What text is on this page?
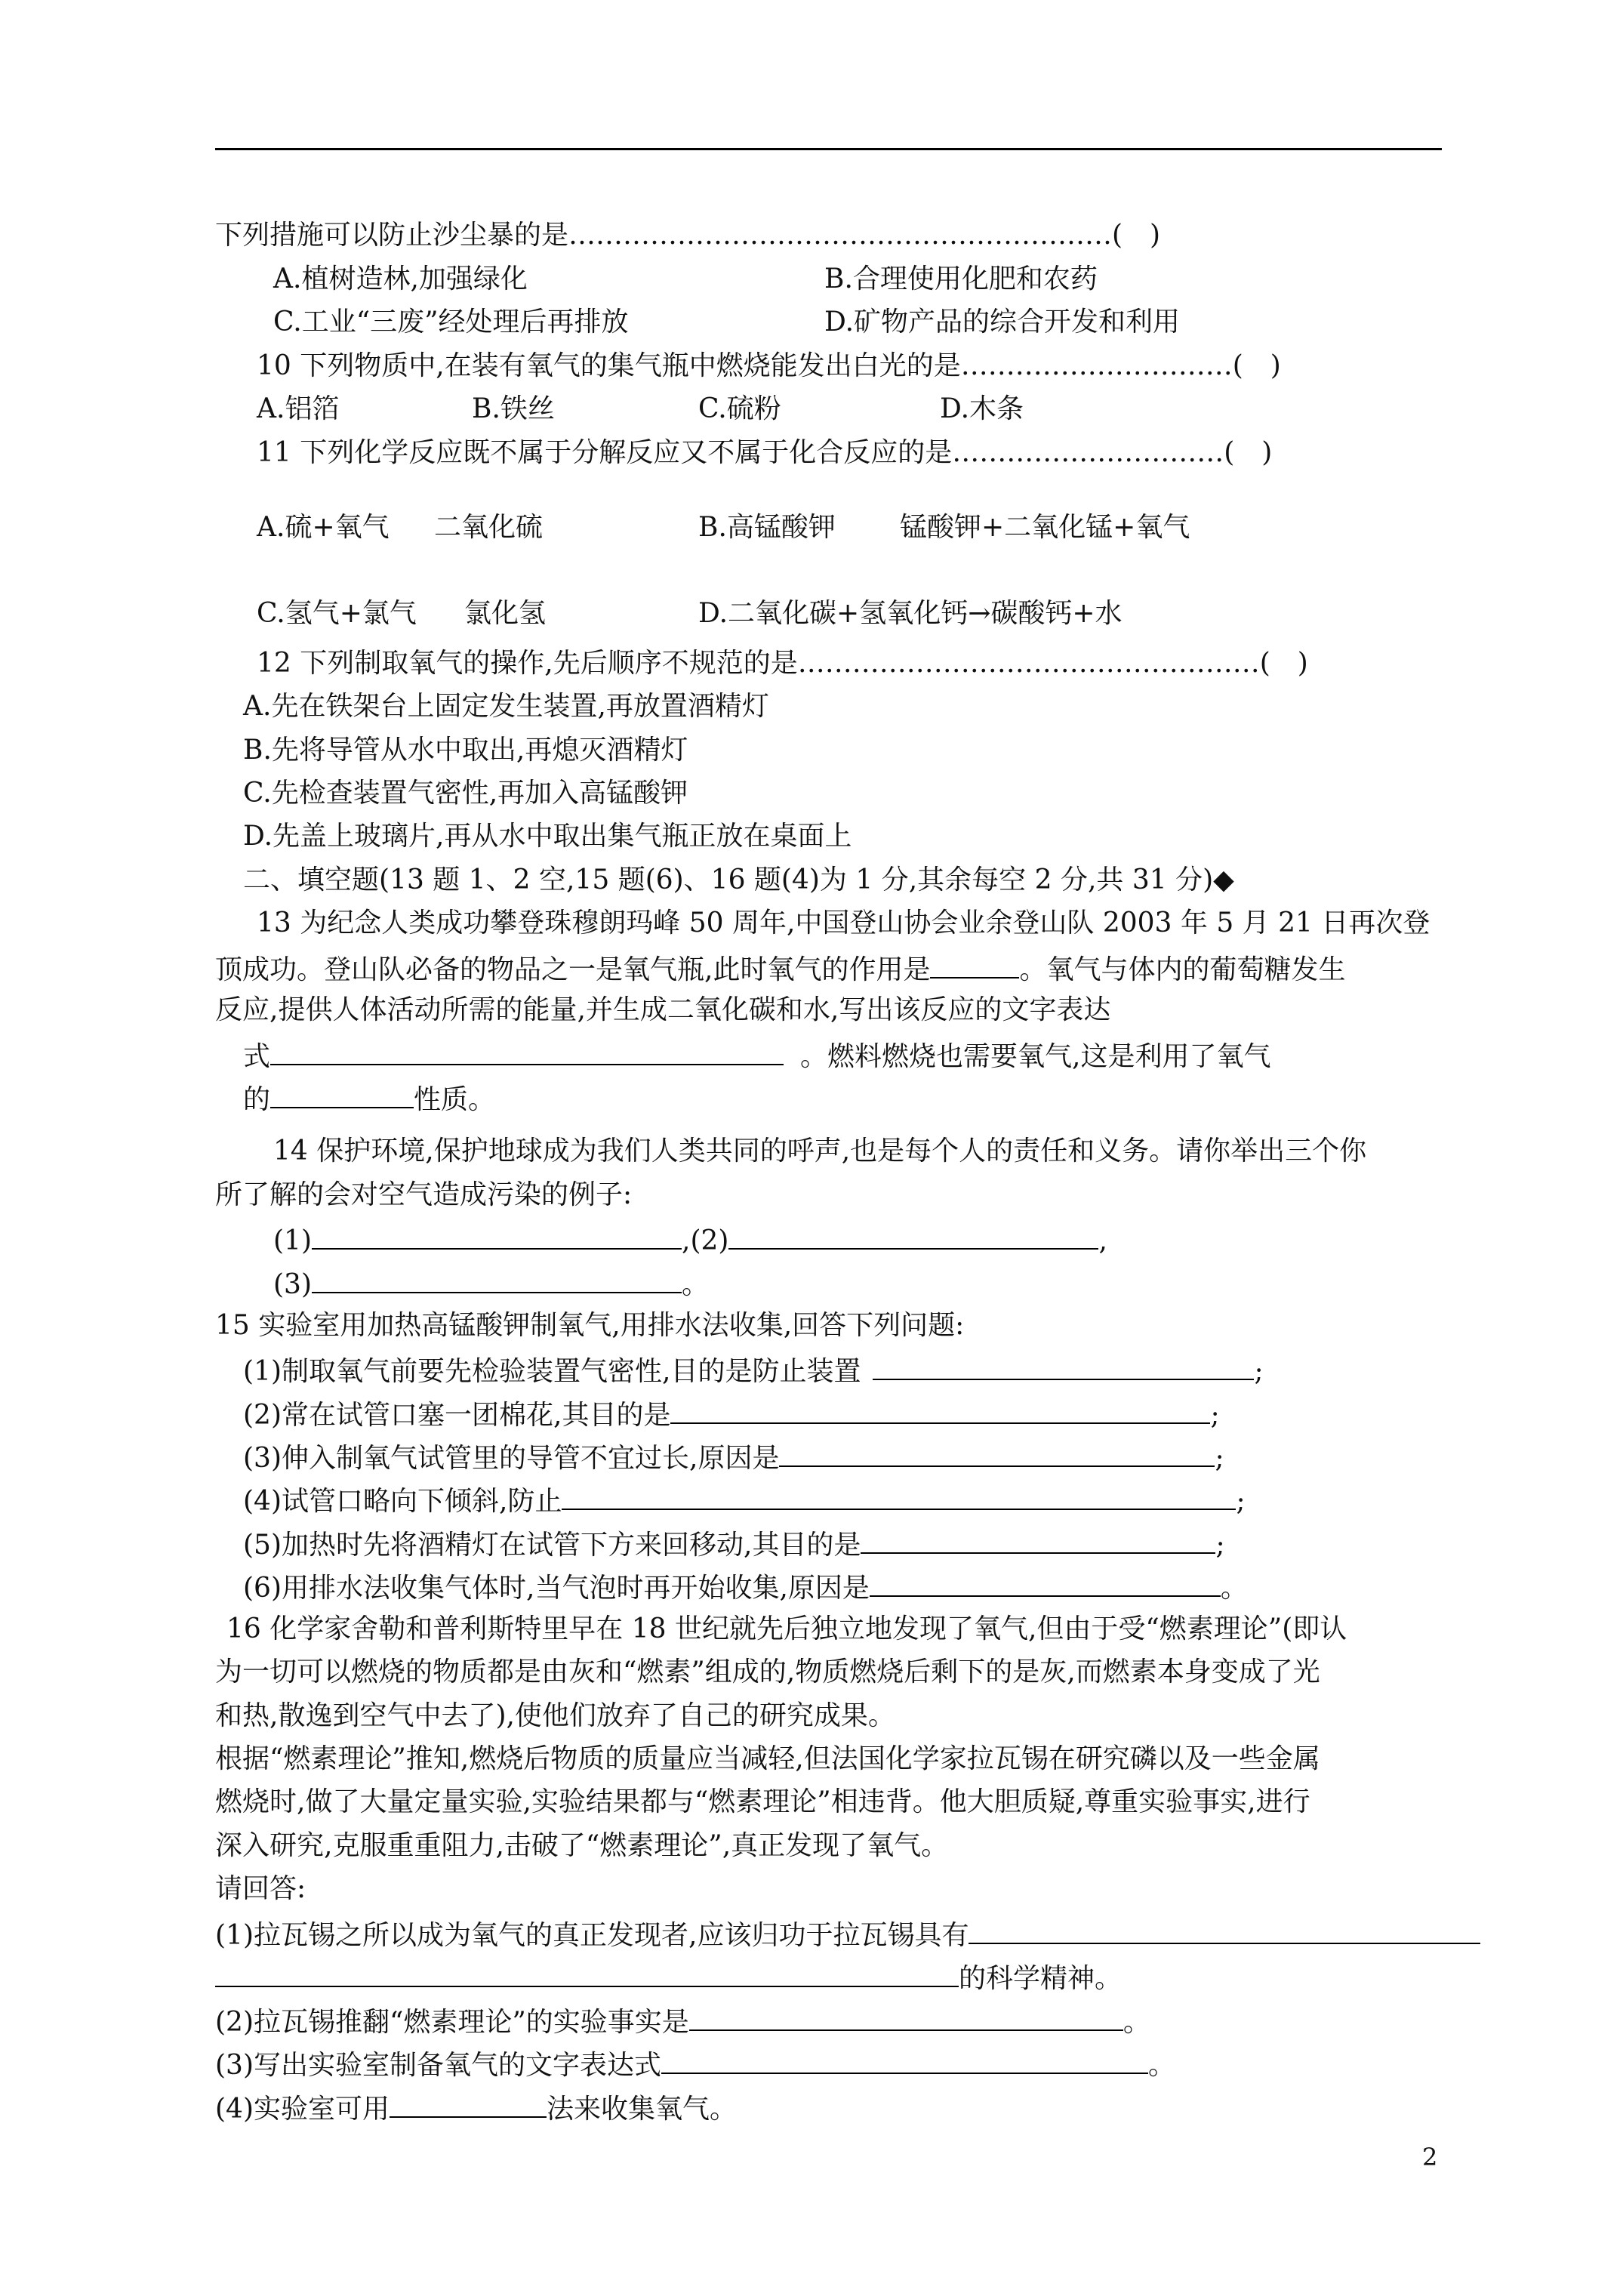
下列措施可以防止沙尘暴的是……………………………………………………(　)
A.植树造林,加强绿化	B.合理使用化肥和农药
C.工业“三废”经处理后再排放	D.矿物产品的综合开发和利用
10 下列物质中,在装有氧气的集气瓶中燃烧能发出白光的是…………………………(　)
A.铝箔	B.铁丝	C.硫粉	D.木条
11 下列化学反应既不属于分解反应又不属于化合反应的是…………………………(　)
A.硫+氧气 二氧化硫	B.高锰酸钾 锰酸钾+二氧化锰+氧气
C.氢气+氯气 氯化氢	D.二氧化碳+氢氧化钙→碳酸钙+水
12 下列制取氧气的操作,先后顺序不规范的是……………………………………………(　)
A.先在铁架台上固定发生装置,再放置酒精灯
B.先将导管从水中取出,再熄灭酒精灯
C.先检查装置气密性,再加入高锰酸钾
D.先盖上玻璃片,再从水中取出集气瓶正放在桌面上
二、填空题(13 题 1、2 空,15 题(6)、16 题(4)为 1 分,其余每空 2 分,共 31 分)◆
13 为纪念人类成功攀登珠穆朗玛峰 50 周年,中国登山协会业余登山队 2003 年 5 月 21 日再次登
顶成功。登山队必备的物品之一是氧气瓶,此时氧气的作用是	。氧气与体内的葡萄糖发生
反应,提供人体活动所需的能量,并生成二氧化碳和水,写出该反应的文字表达
式	。燃料燃烧也需要氧气,这是利用了氧气
的	性质。
14 保护环境,保护地球成为我们人类共同的呼声,也是每个人的责任和义务。请你举出三个你
所了解的会对空气造成污染的例子:
(1)	,(2)	,
(3)	。
15 实验室用加热高锰酸钾制氧气,用排水法收集,回答下列问题:
(1)制取氧气前要先检验装置气密性,目的是防止装置	;
(2)常在试管口塞一团棉花,其目的是	;
(3)伸入制氧气试管里的导管不宜过长,原因是	;
(4)试管口略向下倾斜,防止	;
(5)加热时先将酒精灯在试管下方来回移动,其目的是	;
(6)用排水法收集气体时,当气泡时再开始收集,原因是	。
16 化学家舍勒和普利斯特里早在 18 世纪就先后独立地发现了氧气,但由于受“燃素理论”(即认
为一切可以燃烧的物质都是由灰和“燃素”组成的,物质燃烧后剩下的是灰,而燃素本身变成了光
和热,散逸到空气中去了),使他们放弃了自己的研究成果。
根据“燃素理论”推知,燃烧后物质的质量应当减轻,但法国化学家拉瓦锡在研究磷以及一些金属
燃烧时,做了大量定量实验,实验结果都与“燃素理论”相违背。他大胆质疑,尊重实验事实,进行
深入研究,克服重重阻力,击破了“燃素理论”,真正发现了氧气。
请回答:
(1)拉瓦锡之所以成为氧气的真正发现者,应该归功于拉瓦锡具有
的科学精神。
(2)拉瓦锡推翻“燃素理论”的实验事实是	。
(3)写出实验室制备氧气的文字表达式	。
(4)实验室可用	法来收集氧气。
2
